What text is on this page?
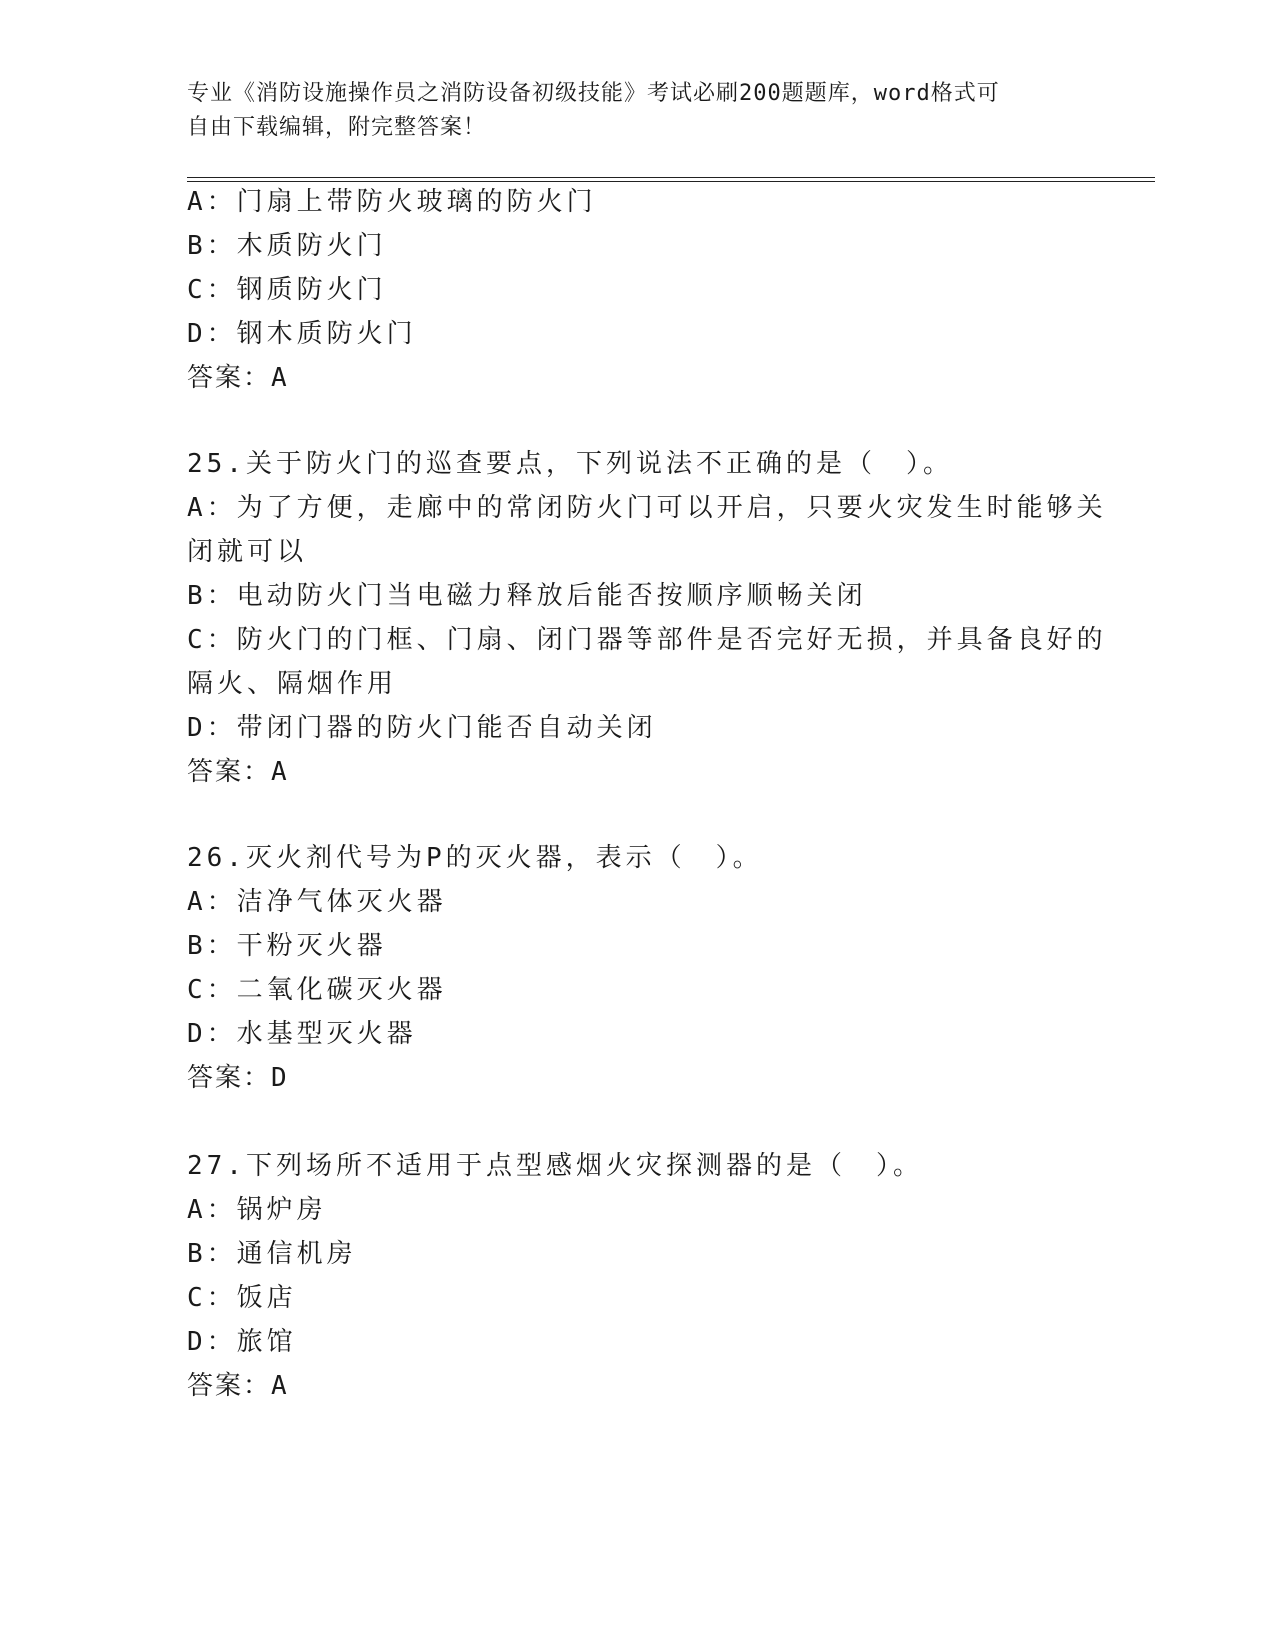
专业《消防设施操作员之消防设备初级技能》考试必刷200题题库，word格式可
自由下载编辑，附完整答案！
A：门扇上带防火玻璃的防火门
B：木质防火门
C：钢质防火门
D：钢木质防火门
答案：A
25.关于防火门的巡查要点，下列说法不正确的是（　）。
A：为了方便，走廊中的常闭防火门可以开启，只要火灾发生时能够关
闭就可以
B：电动防火门当电磁力释放后能否按顺序顺畅关闭
C：防火门的门框、门扇、闭门器等部件是否完好无损，并具备良好的
隔火、隔烟作用
D：带闭门器的防火门能否自动关闭
答案：A
26.灭火剂代号为P的灭火器，表示（　）。
A：洁净气体灭火器
B：干粉灭火器
C：二氧化碳灭火器
D：水基型灭火器
答案：D
27.下列场所不适用于点型感烟火灾探测器的是（　）。
A：锅炉房
B：通信机房
C：饭店
D：旅馆
答案：A
